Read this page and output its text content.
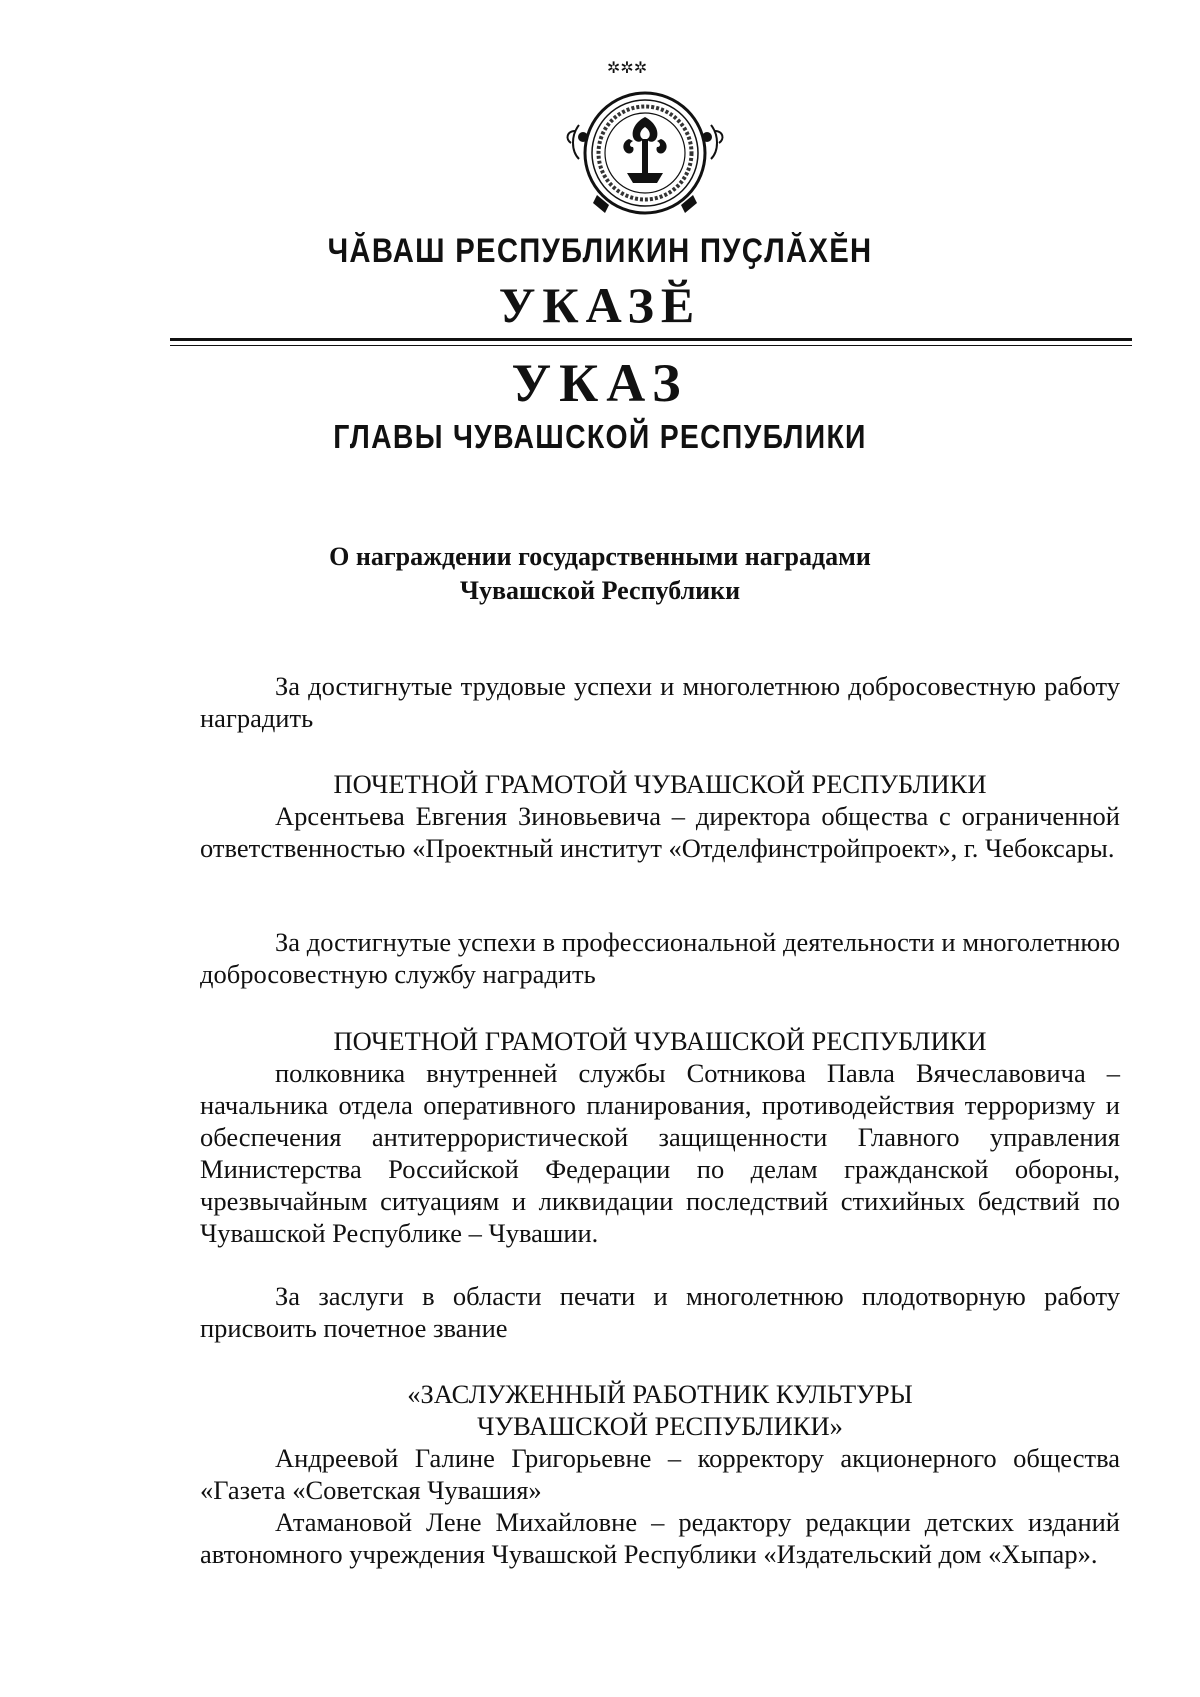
✲✲✲
ЧӐВАШ РЕСПУБЛИКИН ПУҪЛӐХӖН
УКАЗӖ
УКАЗ
ГЛАВЫ ЧУВАШСКОЙ РЕСПУБЛИКИ
О награждении государственными наградами
Чувашской Республики
За достигнутые трудовые успехи и многолетнюю добросовестную работу наградить
ПОЧЕТНОЙ ГРАМОТОЙ ЧУВАШСКОЙ РЕСПУБЛИКИ
Арсентьева Евгения Зиновьевича – директора общества с ограниченной ответственностью «Проектный институт «Отделфинстройпроект», г. Чебоксары.
За достигнутые успехи в профессиональной деятельности и многолетнюю добросовестную службу наградить
ПОЧЕТНОЙ ГРАМОТОЙ ЧУВАШСКОЙ РЕСПУБЛИКИ
полковника внутренней службы Сотникова Павла Вячеславовича – начальника отдела оперативного планирования, противодействия терроризму и обеспечения антитеррористической защищенности Главного управления Министерства Российской Федерации по делам гражданской обороны, чрезвычайным ситуациям и ликвидации последствий стихийных бедствий по Чувашской Республике – Чувашии.
За заслуги в области печати и многолетнюю плодотворную работу присвоить почетное звание
«ЗАСЛУЖЕННЫЙ РАБОТНИК КУЛЬТУРЫ
ЧУВАШСКОЙ РЕСПУБЛИКИ»
Андреевой Галине Григорьевне – корректору акционерного общества «Газета «Советская Чувашия»
Атамановой Лене Михайловне – редактору редакции детских изданий автономного учреждения Чувашской Республики «Издательский дом «Хыпар».
